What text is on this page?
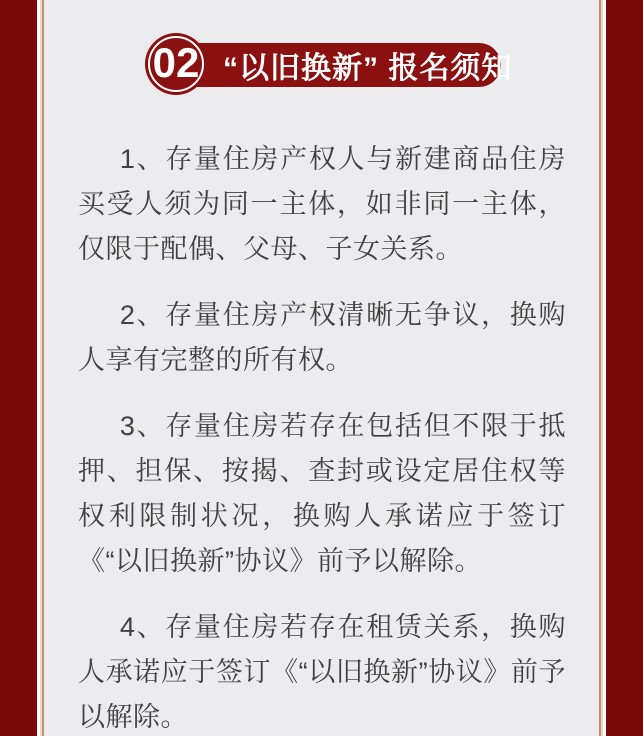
“以旧换新” 报名须知
02

1、存量住房产权人与新建商品住房买受人须为同一主体，如非同一主体，仅限于配偶、父母、子女关系。

2、存量住房产权清晰无争议，换购人享有完整的所有权。

3、存量住房若存在包括但不限于抵押、担保、按揭、查封或设定居住权等权利限制状况，换购人承诺应于签订《“以旧换新”协议》前予以解除。

4、存量住房若存在租赁关系，换购人承诺应于签订《“以旧换新”协议》前予以解除。
